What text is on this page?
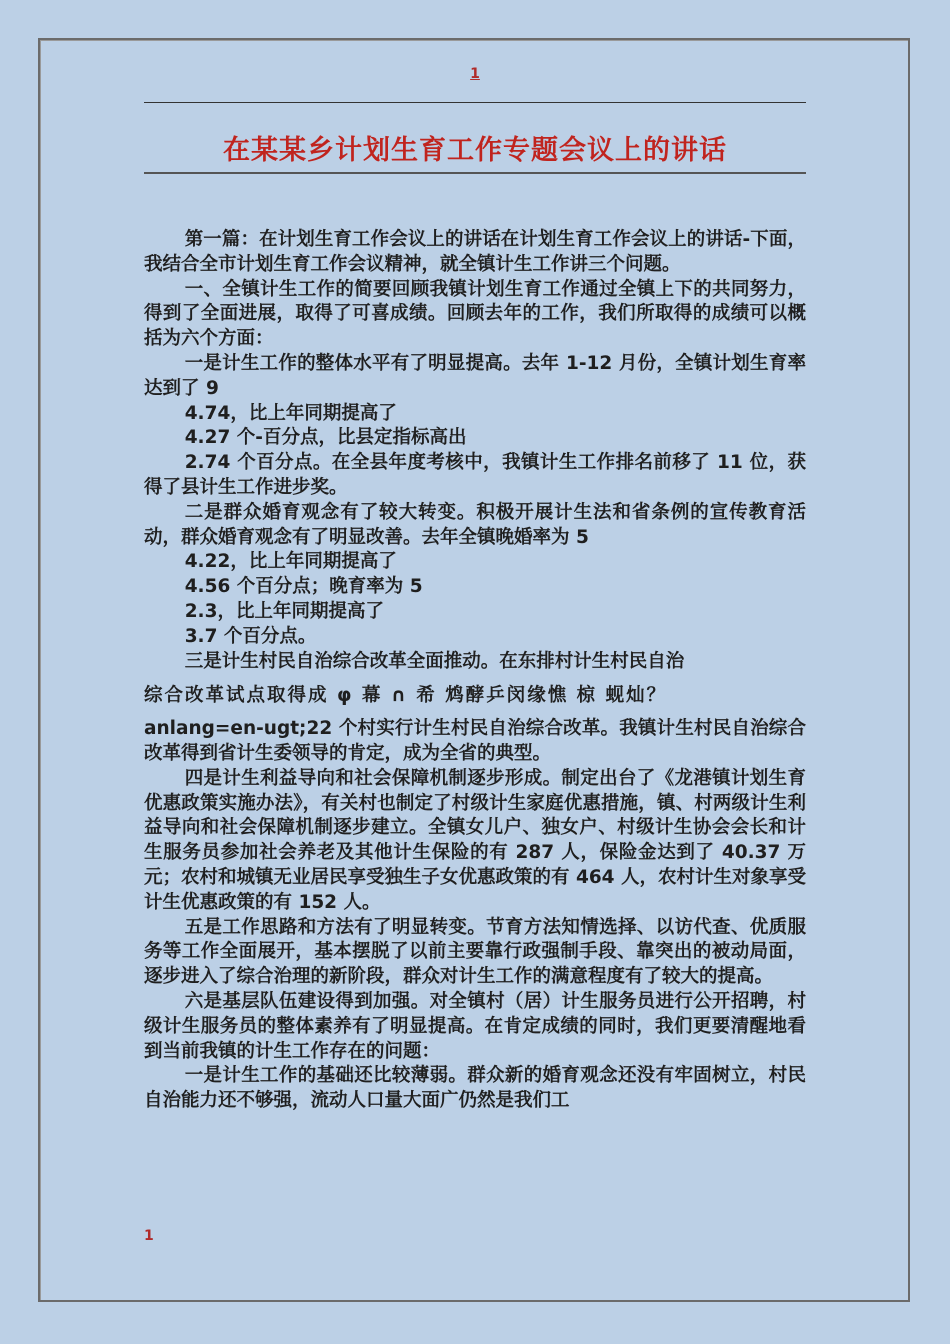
1
在某某乡计划生育工作专题会议上的讲话

第一篇：在计划生育工作会议上的讲话在计划生育工作会议上的讲话-下面，我结合全市计划生育工作会议精神，就全镇计生工作讲三个问题。

一、全镇计生工作的简要回顾我镇计划生育工作通过全镇上下的共同努力，得到了全面进展，取得了可喜成绩。回顾去年的工作，我们所取得的成绩可以概括为六个方面：

一是计生工作的整体水平有了明显提高。去年 1-12 月份，全镇计划生育率达到了 9

4.74，比上年同期提高了

4.27 个-百分点，比县定指标高出

2.74 个百分点。在全县年度考核中，我镇计生工作排名前移了 11 位，获得了县计生工作进步奖。

二是群众婚育观念有了较大转变。积极开展计生法和省条例的宣传教育活动，群众婚育观念有了明显改善。去年全镇晚婚率为 5

4.22，比上年同期提高了

4.56 个百分点；晚育率为 5

2.3，比上年同期提高了

3.7 个百分点。

三是计生村民自治综合改革全面推动。在东排村计生村民自治

综合改革试点取得成 φ 幕 ∩ 希 鸩酵乒闵缘憔 椋 蚬灿？

anlang=en-ugt;22 个村实行计生村民自治综合改革。我镇计生村民自治综合改革得到省计生委领导的肯定，成为全省的典型。

四是计生利益导向和社会保障机制逐步形成。制定出台了《龙港镇计划生育优惠政策实施办法》，有关村也制定了村级计生家庭优惠措施，镇、村两级计生利益导向和社会保障机制逐步建立。全镇女儿户、独女户、村级计生协会会长和计生服务员参加社会养老及其他计生保险的有 287 人，保险金达到了 40.37 万元；农村和城镇无业居民享受独生子女优惠政策的有 464 人，农村计生对象享受计生优惠政策的有 152 人。

五是工作思路和方法有了明显转变。节育方法知情选择、以访代查、优质服务等工作全面展开，基本摆脱了以前主要靠行政强制手段、靠突出的被动局面，逐步进入了综合治理的新阶段，群众对计生工作的满意程度有了较大的提高。

六是基层队伍建设得到加强。对全镇村（居）计生服务员进行公开招聘，村级计生服务员的整体素养有了明显提高。在肯定成绩的同时，我们更要清醒地看到当前我镇的计生工作存在的问题：

一是计生工作的基础还比较薄弱。群众新的婚育观念还没有牢固树立，村民自治能力还不够强，流动人口量大面广仍然是我们工

1
